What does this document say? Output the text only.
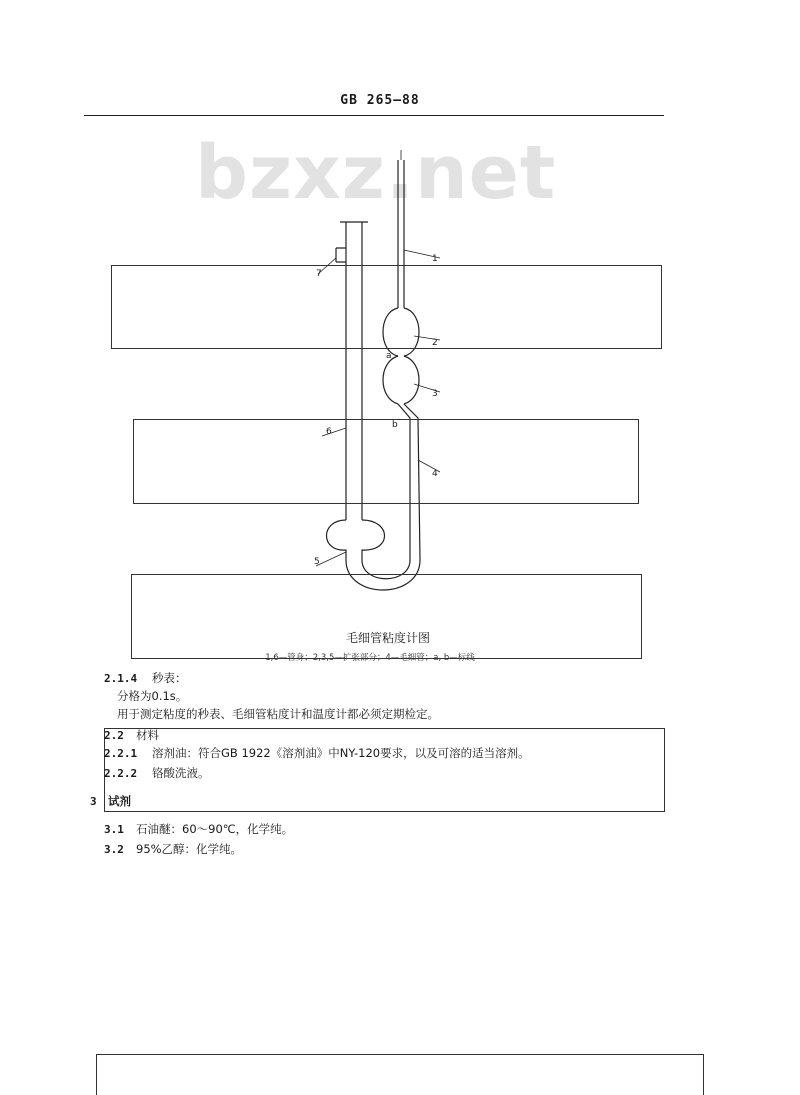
GB 265—88
bzxz.net
1
2
3
4
5
6
7
a
b
毛细管粘度计图
1,6—管身；2,3,5—扩张部分；4—毛细管；a, b—标线
2.1.4 秒表：
分格为0.1s。
用于测定粘度的秒表、毛细管粘度计和温度计都必须定期检定。
2.2 材料
2.2.1 溶剂油：符合GB 1922《溶剂油》中NY-120要求，以及可溶的适当溶剂。
2.2.2 铬酸洗液。
3 试剂
3.1 石油醚：60～90℃，化学纯。
3.2 95%乙醇：化学纯。
